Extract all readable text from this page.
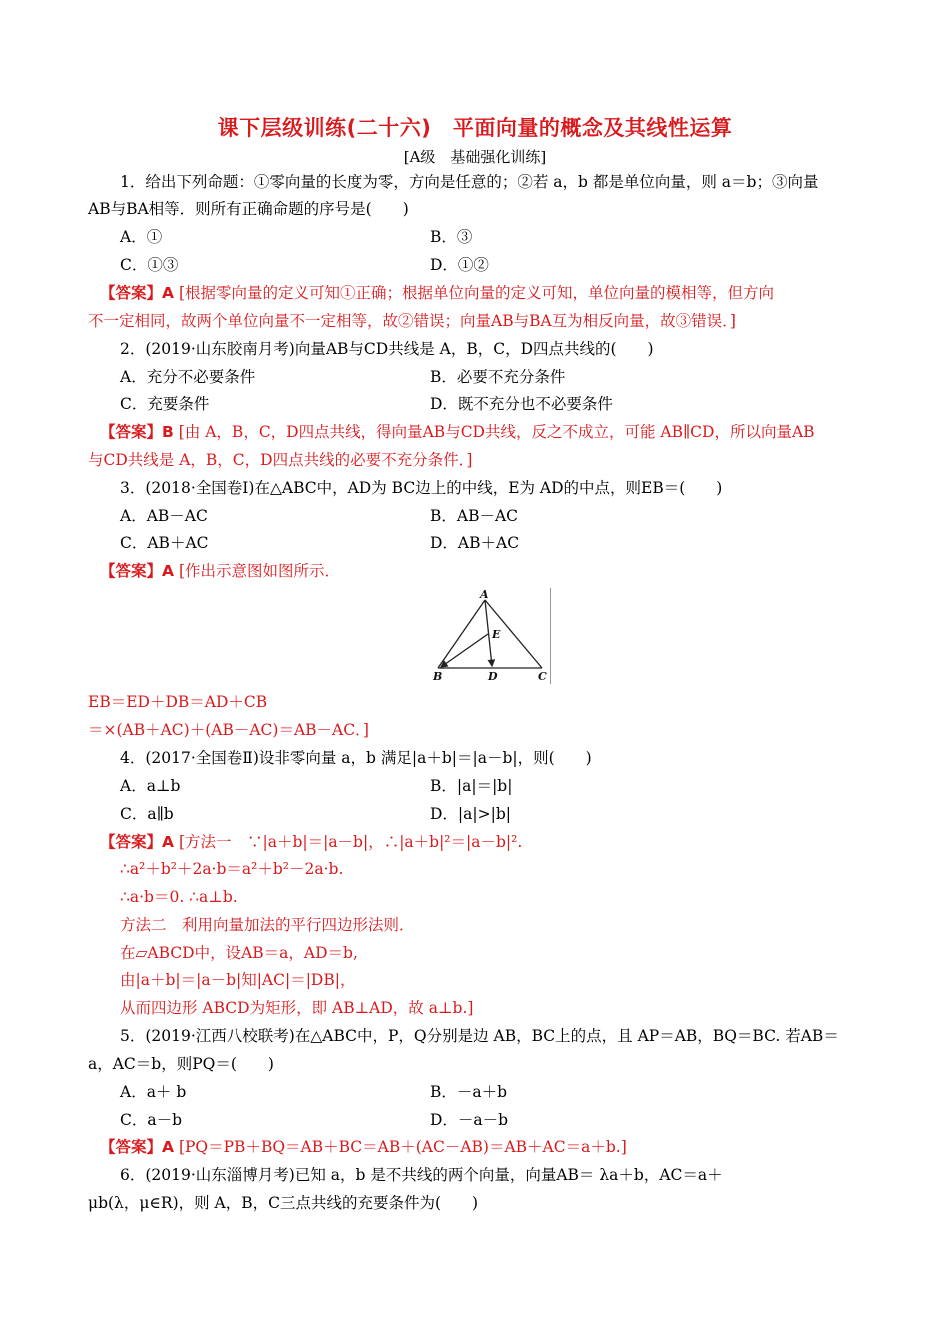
课下层级训练(二十六)　平面向量的概念及其线性运算
[A级　基础强化训练]
1．给出下列命题：①零向量的长度为零，方向是任意的；②若 a，b 都是单位向量，则 a＝b；③向量
AB与BA相等．则所有正确命题的序号是(　　)
A．①	B．③
C．①③	D．①②
【答案】A [根据零向量的定义可知①正确；根据单位向量的定义可知，单位向量的模相等，但方向
不一定相同，故两个单位向量不一定相等，故②错误；向量AB与BA互为相反向量，故③错误．]
2．(2019·山东胶南月考)向量AB与CD共线是 A，B，C，D四点共线的(　　)
A．充分不必要条件	B．必要不充分条件
C．充要条件	D．既不充分也不必要条件
【答案】B [由 A，B，C，D四点共线，得向量AB与CD共线，反之不成立，可能 AB∥CD，所以向量AB
与CD共线是 A，B，C，D四点共线的必要不充分条件．]
3．(2018·全国卷Ⅰ)在△ABC中，AD为 BC边上的中线，E为 AD的中点，则EB＝(　　)
A．AB－AC	B．AB－AC
C．AB＋AC	D．AB＋AC
【答案】A [作出示意图如图所示．
A
E
B	D	C
EB＝ED＋DB＝AD＋CB
＝×(AB＋AC)＋(AB－AC)＝AB－AC．]
4．(2017·全国卷Ⅱ)设非零向量 a，b 满足|a＋b|＝|a－b|，则(　　)
A．a⊥b	B．|a|＝|b|
C．a∥b	D．|a|>|b|
【答案】A [方法一　∵|a＋b|＝|a－b|，∴|a＋b|²＝|a－b|².
∴a²＋b²＋2a·b＝a²＋b²－2a·b.
∴a·b＝0. ∴a⊥b.
方法二　利用向量加法的平行四边形法则．
在▱ABCD中，设AB＝a，AD＝b,
由|a＋b|＝|a－b|知|AC|＝|DB|，
从而四边形 ABCD为矩形，即 AB⊥AD，故 a⊥b.]
5．(2019·江西八校联考)在△ABC中，P，Q分别是边 AB，BC上的点，且 AP＝AB，BQ＝BC. 若AB＝
a，AC＝b，则PQ＝(　　)
A．a＋ b	B．－a＋b
C．a－b	D．－a－b
【答案】A [PQ＝PB＋BQ＝AB＋BC＝AB＋(AC－AB)＝AB＋AC＝a＋b.]
6．(2019·山东淄博月考)已知 a，b 是不共线的两个向量，向量AB＝ λa＋b，AC＝a＋
μb(λ，μ∈R)，则 A，B，C三点共线的充要条件为(　　)
